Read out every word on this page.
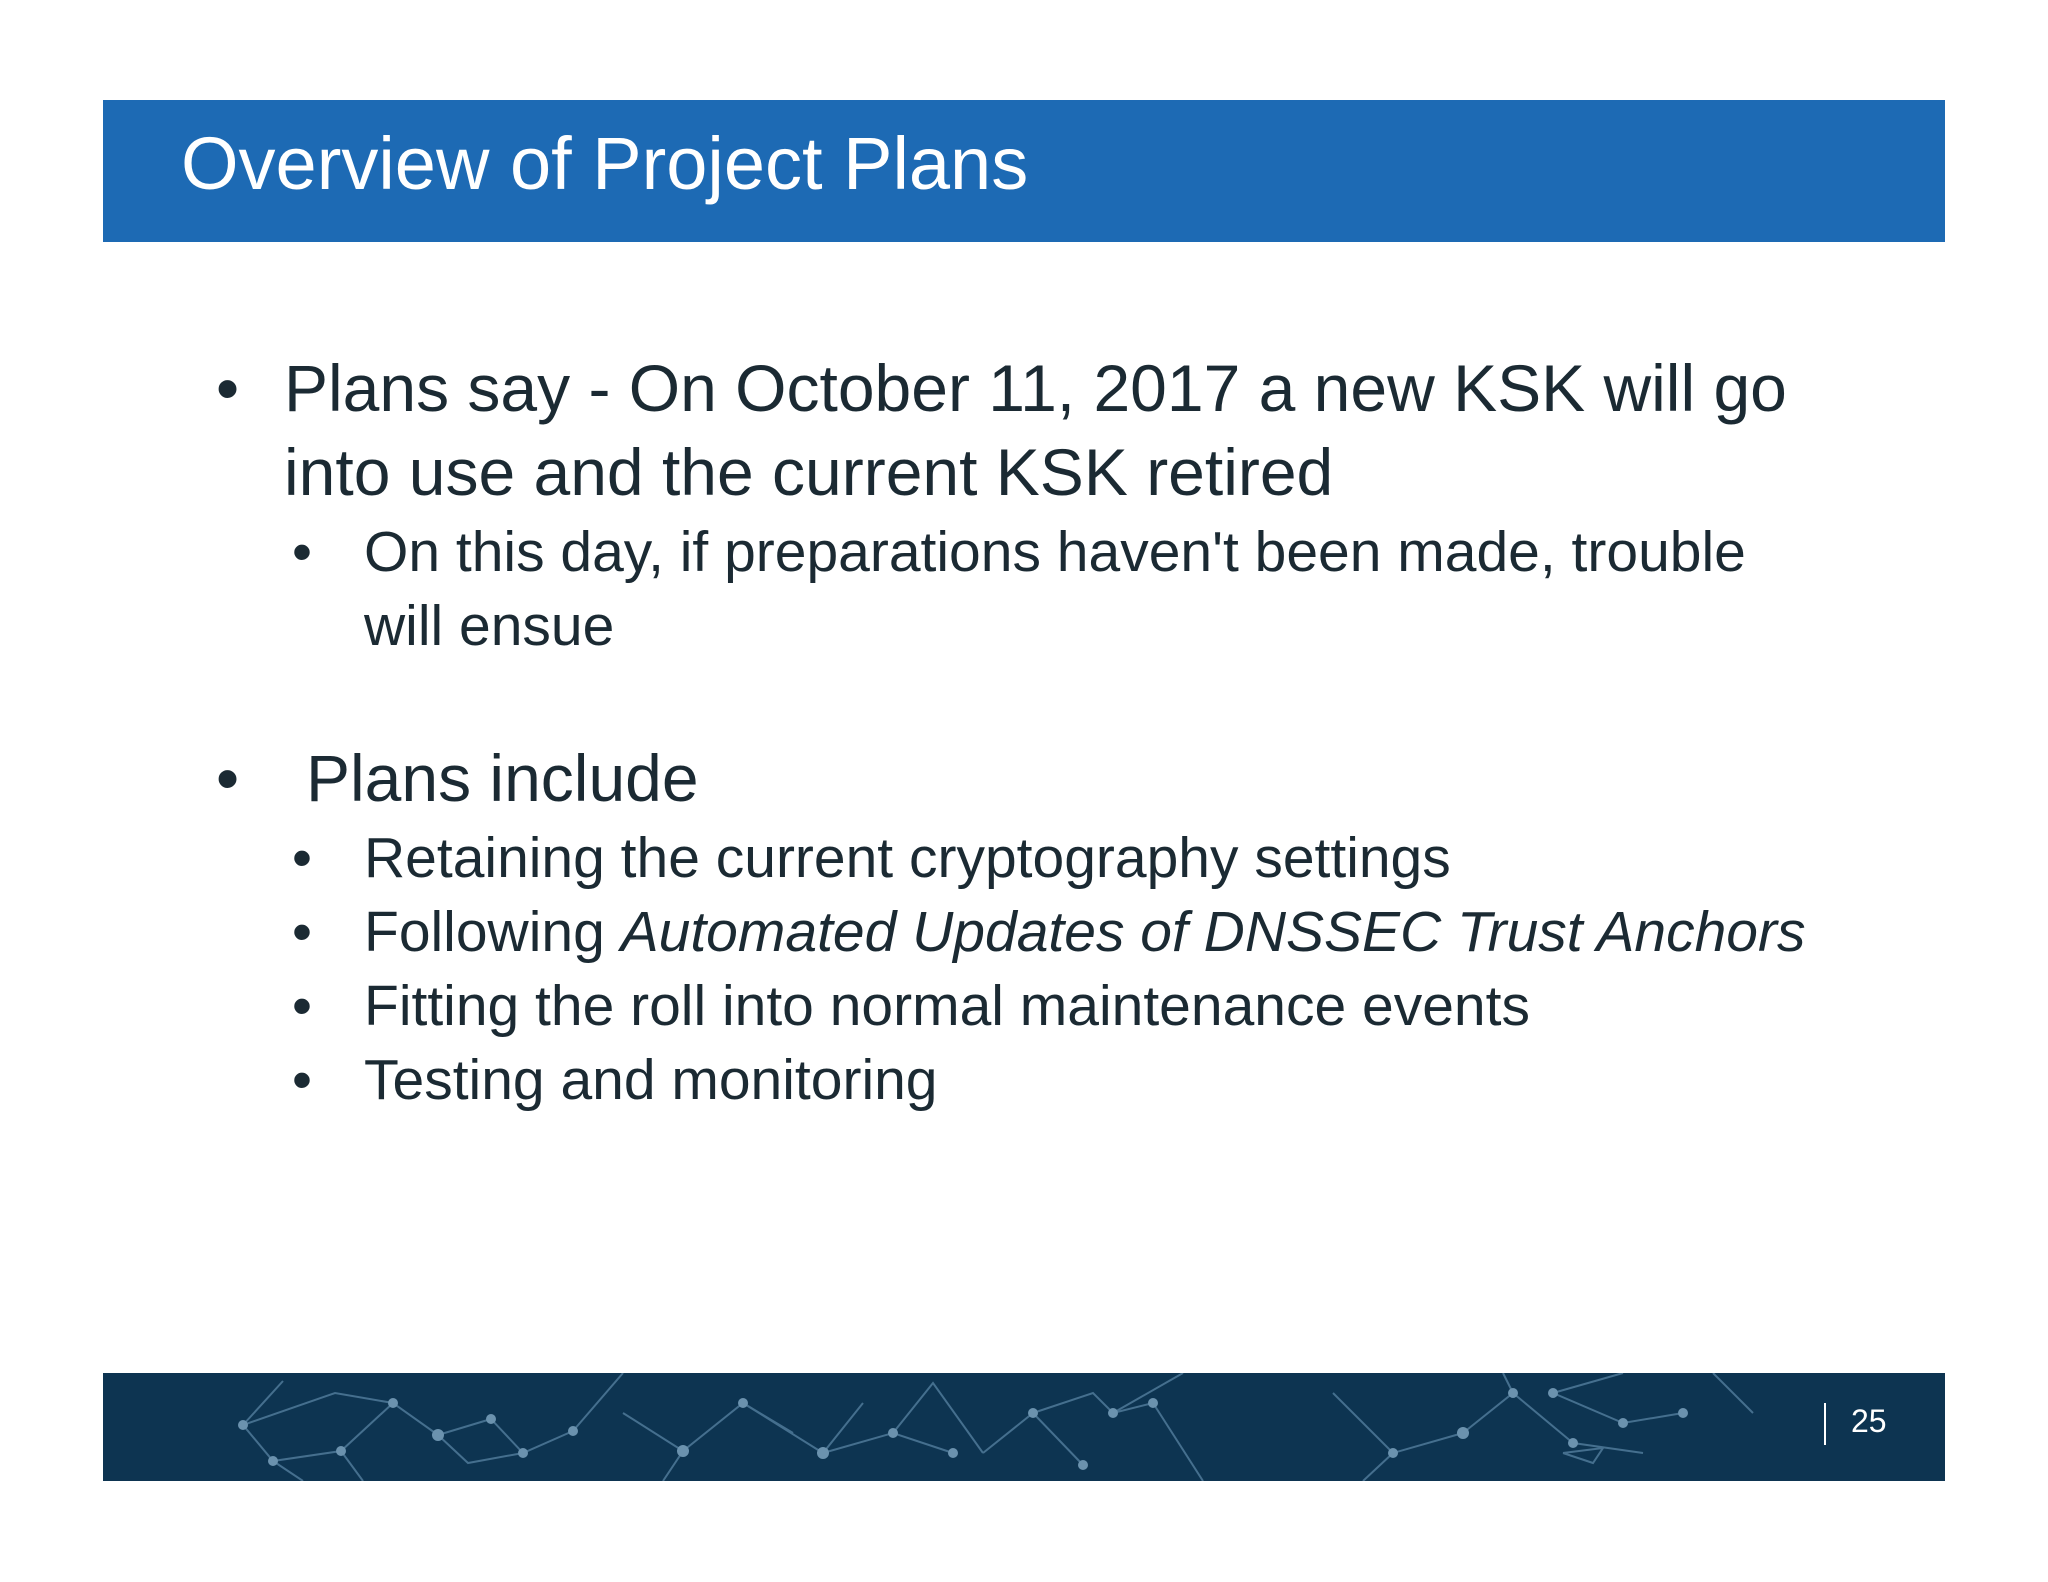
Overview of Project Plans
• Plans say - On October 11, 2017 a new KSK will go
into use and the current KSK retired
• On this day, if preparations haven't been made, trouble
will ensue
• Plans include
• Retaining the current cryptography settings
• Following Automated Updates of DNSSEC Trust Anchors
• Fitting the roll into normal maintenance events
• Testing and monitoring
25
